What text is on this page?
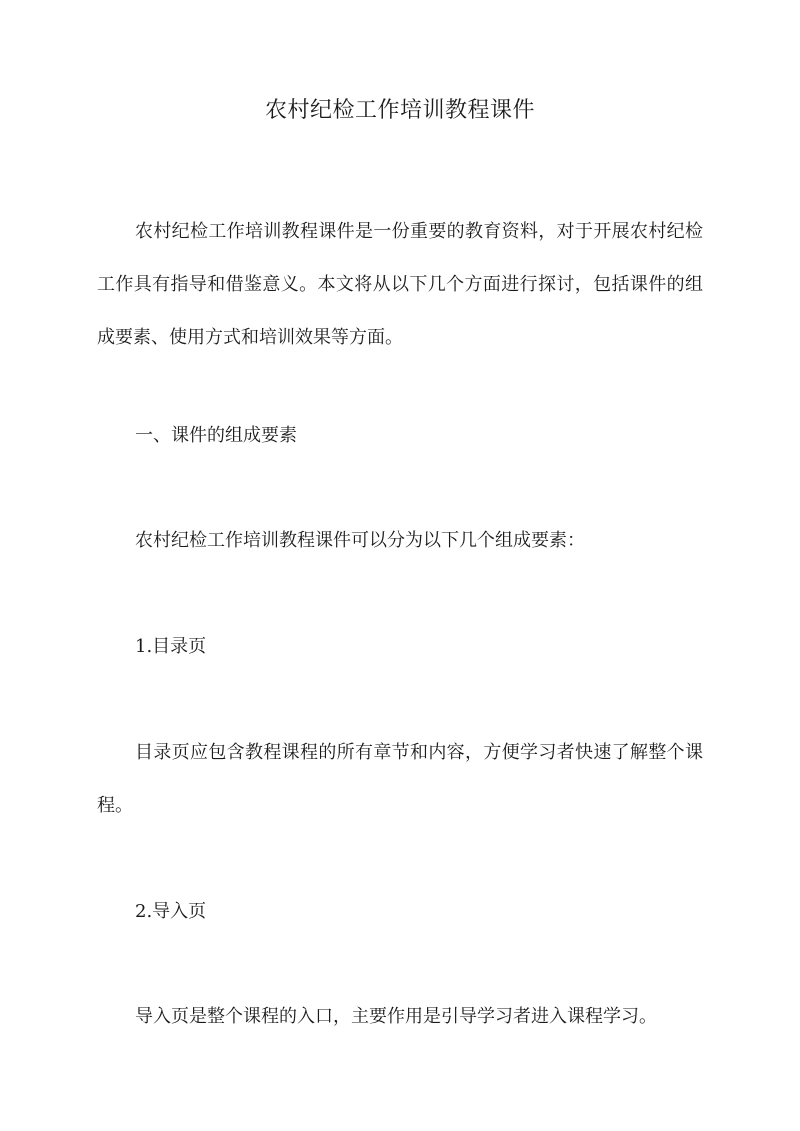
农村纪检工作培训教程课件

农村纪检工作培训教程课件是一份重要的教育资料，对于开展农村纪检工作具有指导和借鉴意义。本文将从以下几个方面进行探讨，包括课件的组成要素、使用方式和培训效果等方面。

一、课件的组成要素

农村纪检工作培训教程课件可以分为以下几个组成要素：

1.目录页

目录页应包含教程课程的所有章节和内容，方便学习者快速了解整个课程。

2.导入页

导入页是整个课程的入口，主要作用是引导学习者进入课程学习。
